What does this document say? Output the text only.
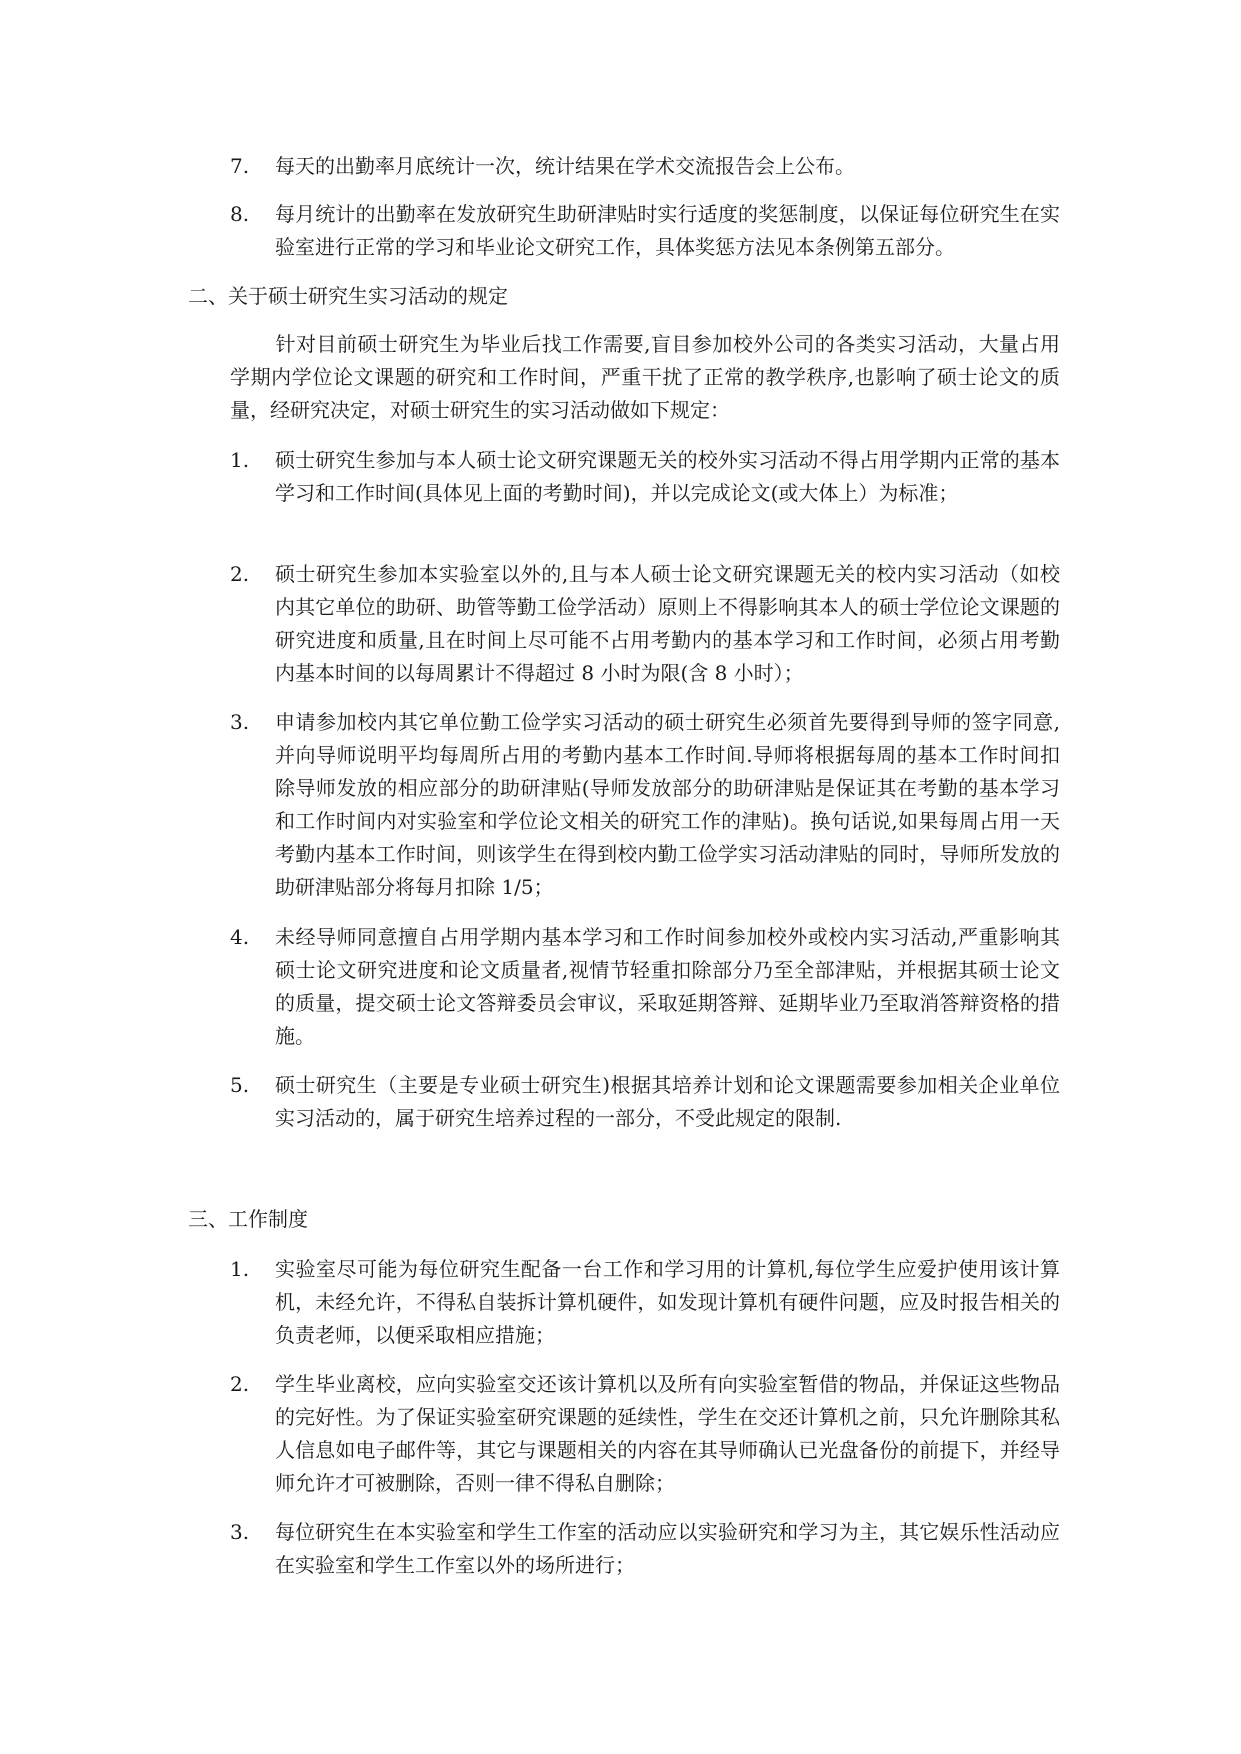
7. 每天的出勤率月底统计一次，统计结果在学术交流报告会上公布。
8. 每月统计的出勤率在发放研究生助研津贴时实行适度的奖惩制度，以保证每位研究生在实验室进行正常的学习和毕业论文研究工作，具体奖惩方法见本条例第五部分。
二、关于硕士研究生实习活动的规定
针对目前硕士研究生为毕业后找工作需要,盲目参加校外公司的各类实习活动，大量占用学期内学位论文课题的研究和工作时间，严重干扰了正常的教学秩序,也影响了硕士论文的质量，经研究决定，对硕士研究生的实习活动做如下规定：
1. 硕士研究生参加与本人硕士论文研究课题无关的校外实习活动不得占用学期内正常的基本学习和工作时间(具体见上面的考勤时间)，并以完成论文(或大体上）为标准；
2. 硕士研究生参加本实验室以外的,且与本人硕士论文研究课题无关的校内实习活动（如校内其它单位的助研、助管等勤工俭学活动）原则上不得影响其本人的硕士学位论文课题的研究进度和质量,且在时间上尽可能不占用考勤内的基本学习和工作时间，必须占用考勤内基本时间的以每周累计不得超过 8 小时为限(含 8 小时）；
3. 申请参加校内其它单位勤工俭学实习活动的硕士研究生必须首先要得到导师的签字同意,并向导师说明平均每周所占用的考勤内基本工作时间.导师将根据每周的基本工作时间扣除导师发放的相应部分的助研津贴(导师发放部分的助研津贴是保证其在考勤的基本学习和工作时间内对实验室和学位论文相关的研究工作的津贴)。换句话说,如果每周占用一天考勤内基本工作时间，则该学生在得到校内勤工俭学实习活动津贴的同时，导师所发放的助研津贴部分将每月扣除 1/5；
4. 未经导师同意擅自占用学期内基本学习和工作时间参加校外或校内实习活动,严重影响其硕士论文研究进度和论文质量者,视情节轻重扣除部分乃至全部津贴，并根据其硕士论文的质量，提交硕士论文答辩委员会审议，采取延期答辩、延期毕业乃至取消答辩资格的措施。
5. 硕士研究生（主要是专业硕士研究生)根据其培养计划和论文课题需要参加相关企业单位实习活动的，属于研究生培养过程的一部分，不受此规定的限制.
三、工作制度
1. 实验室尽可能为每位研究生配备一台工作和学习用的计算机,每位学生应爱护使用该计算机，未经允许，不得私自装拆计算机硬件，如发现计算机有硬件问题，应及时报告相关的负责老师，以便采取相应措施；
2. 学生毕业离校，应向实验室交还该计算机以及所有向实验室暂借的物品，并保证这些物品的完好性。为了保证实验室研究课题的延续性，学生在交还计算机之前，只允许删除其私人信息如电子邮件等，其它与课题相关的内容在其导师确认已光盘备份的前提下，并经导师允许才可被删除，否则一律不得私自删除；
3. 每位研究生在本实验室和学生工作室的活动应以实验研究和学习为主，其它娱乐性活动应在实验室和学生工作室以外的场所进行；
